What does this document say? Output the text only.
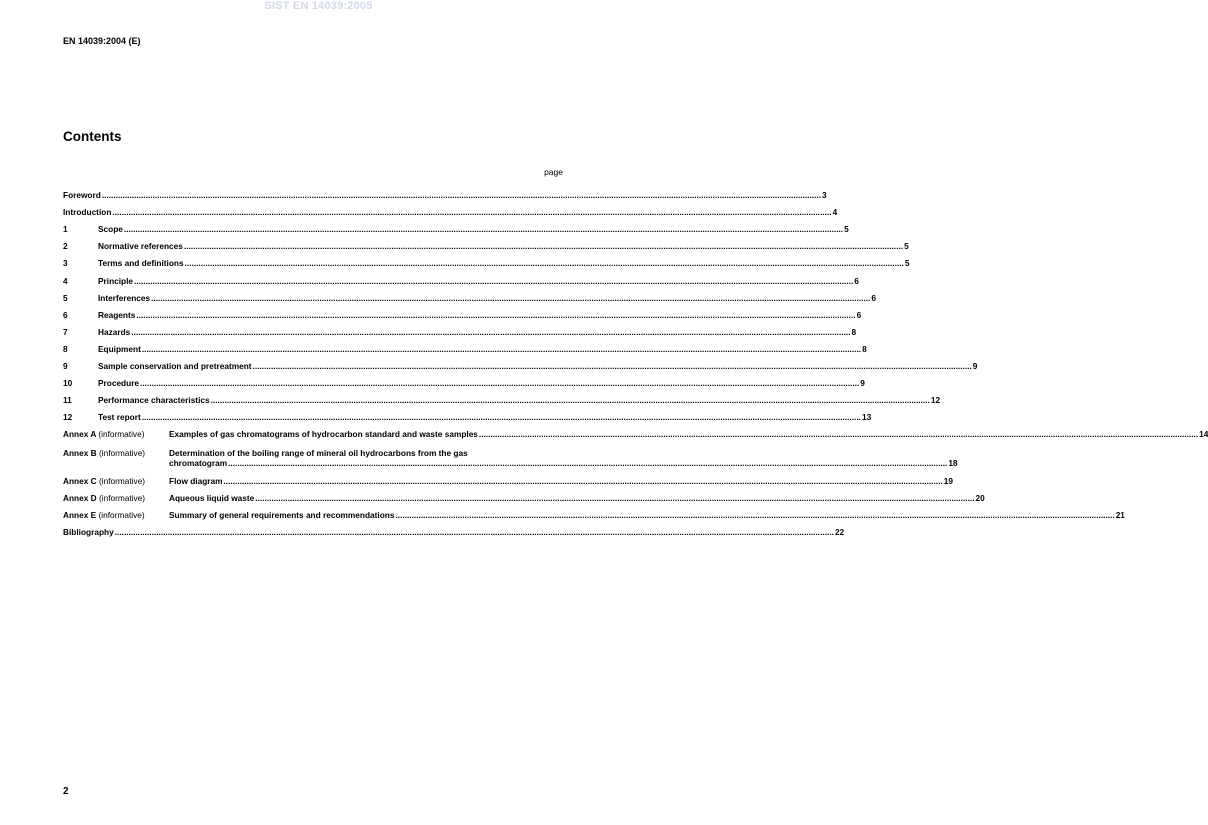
SIST EN 14039:2005
EN 14039:2004 (E)
Contents
page
Foreword .....	3
Introduction .....	4
1	Scope .....	5
2	Normative references .....	5
3	Terms and definitions .....	5
4	Principle .....	6
5	Interferences .....	6
6	Reagents .....	6
7	Hazards .....	8
8	Equipment .....	8
9	Sample conservation and pretreatment .....	9
10	Procedure .....	9
11	Performance characteristics .....	12
12	Test report .....	13
Annex A (informative)	Examples of gas chromatograms of hydrocarbon standard and waste samples .....	14
Annex B (informative)	Determination of the boiling range of mineral oil hydrocarbons from the gas
chromatogram .....	18
Annex C (informative)	Flow diagram .....	19
Annex D (informative)	Aqueous liquid waste .....	20
Annex E (informative)	Summary of general requirements and recommendations .....	21
Bibliography .....	22
2
